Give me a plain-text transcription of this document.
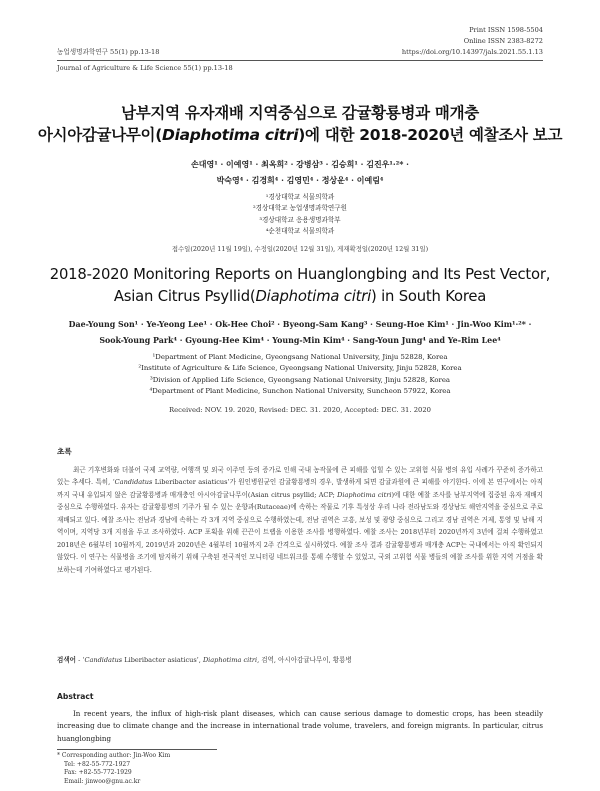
Print ISSN 1598-5504
Online ISSN 2383-8272
농업생명과학연구 55(1) pp.13-18	https://doi.org/10.14397/jals.2021.55.1.13
Journal of Agriculture & Life Science 55(1) pp.13-18
남부지역 유자재배 지역중심으로 감귤황룡병과 매개충
아시아감귤나무이(Diaphotima citri)에 대한 2018-2020년 예찰조사 보고
손대영¹ · 이예영¹ · 최옥희² · 강병삼³ · 김승희¹ · 김진우¹·²* ·
박숙영⁴ · 김경희⁴ · 김영민⁴ · 정상운⁴ · 이예림⁴
¹경상대학교 식물의학과
²경상대학교 농업생명과학연구원
³경상대학교 응용생명과학부
⁴순천대학교 식물의학과
접수일(2020년 11월 19일), 수정일(2020년 12월 31일), 게재확정일(2020년 12월 31일)
2018-2020 Monitoring Reports on Huanglongbing and Its Pest Vector,
Asian Citrus Psyllid(Diaphotima citri) in South Korea
Dae-Young Son¹ · Ye-Yeong Lee¹ · Ok-Hee Choi² · Byeong-Sam Kang³ · Seung-Hoe Kim¹ · Jin-Woo Kim¹·²* ·
Sook-Young Park⁴ · Gyoung-Hee Kim⁴ · Young-Min Kim⁴ · Sang-Youn Jung⁴ and Ye-Rim Lee⁴
¹Department of Plant Medicine, Gyeongsang National University, Jinju 52828, Korea
²Institute of Agriculture & Life Science, Gyeongsang National University, Jinju 52828, Korea
³Division of Applied Life Science, Gyeongsang National University, Jinju 52828, Korea
⁴Department of Plant Medicine, Sunchon National University, Suncheon 57922, Korea
Received: NOV. 19. 2020, Revised: DEC. 31. 2020, Accepted: DEC. 31. 2020
초록
최근 기후변화와 더불어 국제 교역량, 여행객 및 외국 이주민 등의 증가로 인해 국내 농작물에 큰 피해를 입힐 수 있는 고위험 식물 병의 유입 사례가 꾸준히 증가하고 있는 추세다. 특히, ‘Candidatus Liberibacter asiaticus’가 원인병원균인 감귤황룡병의 경우, 발생하게 되면 감귤과원에 큰 피해를 야기한다. 이에 본 연구에서는 아직까지 국내 유입되지 않은 감귤황룡병과 매개충인 아시아감귤나무이(Asian citrus psyllid; ACP; Diaphotima citri)에 대한 예찰 조사를 남부지역에 집중된 유자 재배지 중심으로 수행하였다. 유자는 감귤황룡병의 기주가 될 수 있는 운향과(Rutaceae)에 속하는 작물로 기후 특성상 우리 나라 전라남도와 경상남도 해안지역을 중심으로 주로 재배되고 있다. 예찰 조사는 전남과 경남에 속하는 각 3개 지역 중심으로 수행하였는데, 전남 권역은 고흥, 보성 및 광양 중심으로 그리고 경남 권역은 거제, 통영 및 남해 지역이며, 지역당 3개 지점을 두고 조사하였다. ACP 포획을 위해 끈끈이 트랩을 이용한 조사를 병행하였다. 예찰 조사는 2018년부터 2020년까지 3년에 걸쳐 수행하였고 2018년은 6월부터 10월까지, 2019년과 2020년은 4월부터 10월까지 2주 간격으로 실시하였다. 예찰 조사 결과 감귤황룡병과 매개충 ACP는 국내에서는 아직 확인되지 않았다. 이 연구는 식물병을 조기에 탐지하기 위해 구축된 전국적인 모니터링 네트워크를 통해 수행할 수 있었고, 국외 고위험 식물 병들의 예찰 조사를 위한 지역 거점을 확보하는데 기여하였다고 평가된다.
검색어 - ‘Candidatus Liberibacter asiaticus’, Diaphotima citri, 검역, 아시아감귤나무이, 황룡병
Abstract
In recent years, the influx of high-risk plant diseases, which can cause serious damage to domestic crops, has been steadily increasing due to climate change and the increase in international trade volume, travelers, and foreign migrants. In particular, citrus huanglongbing
* Corresponding author: Jin-Woo Kim
Tel: +82-55-772-1927
Fax: +82-55-772-1929
Email: jinwoo@gnu.ac.kr
